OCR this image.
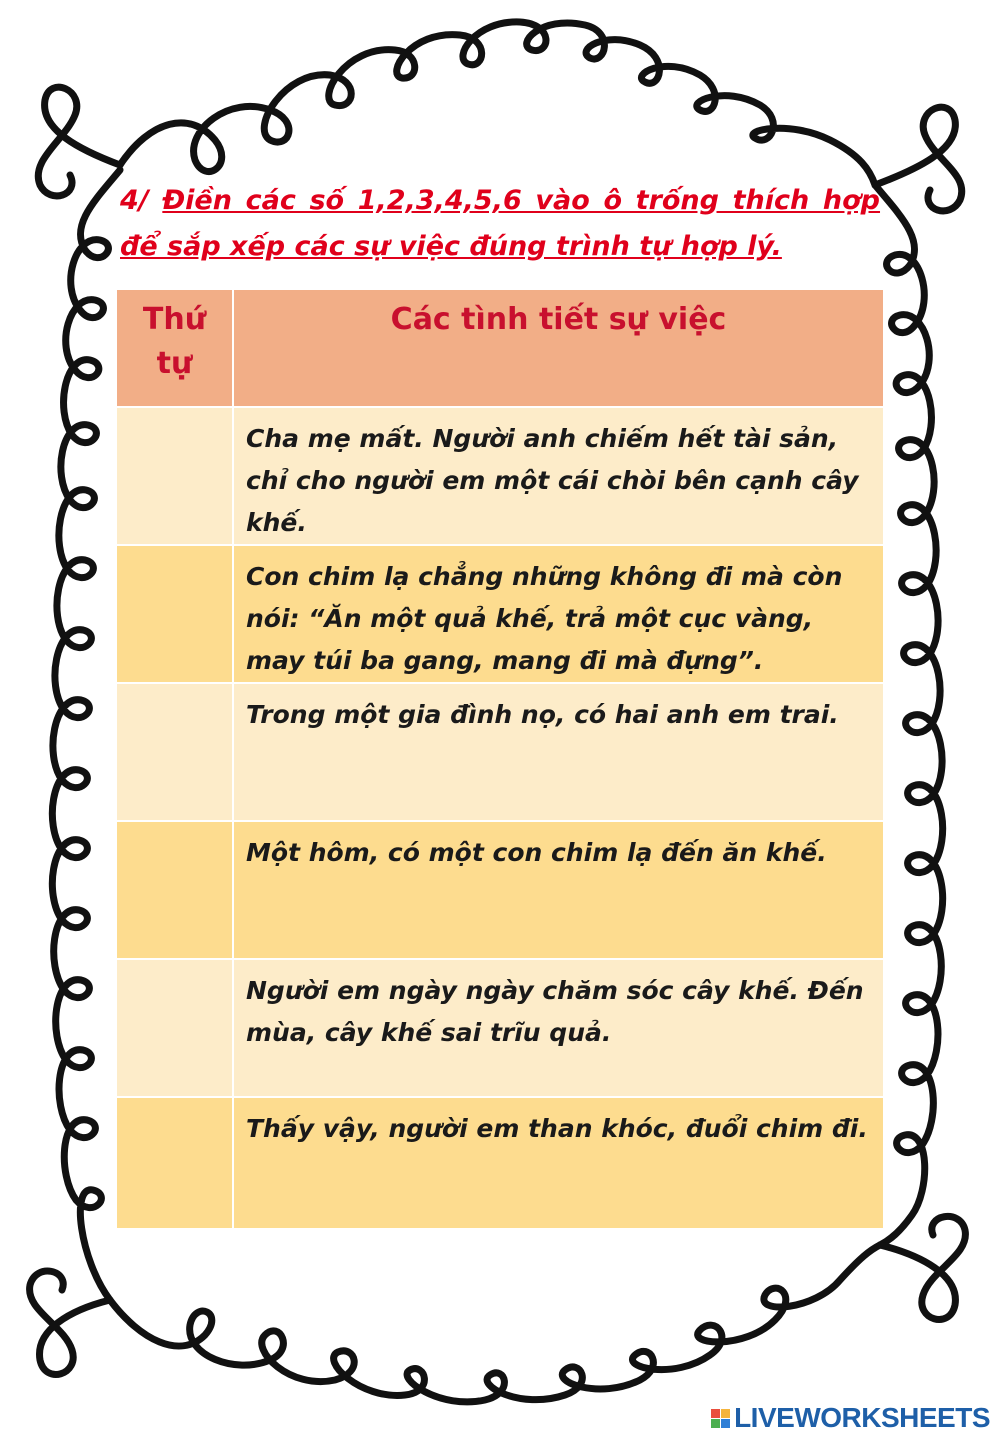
4/ Điền các số 1,2,3,4,5,6 vào ô trống thích hợp để sắp xếp các sự việc đúng trình tự hợp lý.
Thứ tự	Các tình tiết sự việc
	Cha mẹ mất. Người anh chiếm hết tài sản, chỉ cho người em một cái chòi bên cạnh cây khế.
	Con chim lạ chẳng những không đi mà còn nói: “Ăn một quả khế, trả một cục vàng, may túi ba gang, mang đi mà đựng”.
	Trong một gia đình nọ, có hai anh em trai.
	Một hôm, có một con chim lạ đến ăn khế.
	Người em ngày ngày chăm sóc cây khế. Đến mùa, cây khế sai trĩu quả.
	Thấy vậy, người em than khóc, đuổi chim đi.
LIVEWORKSHEETS
